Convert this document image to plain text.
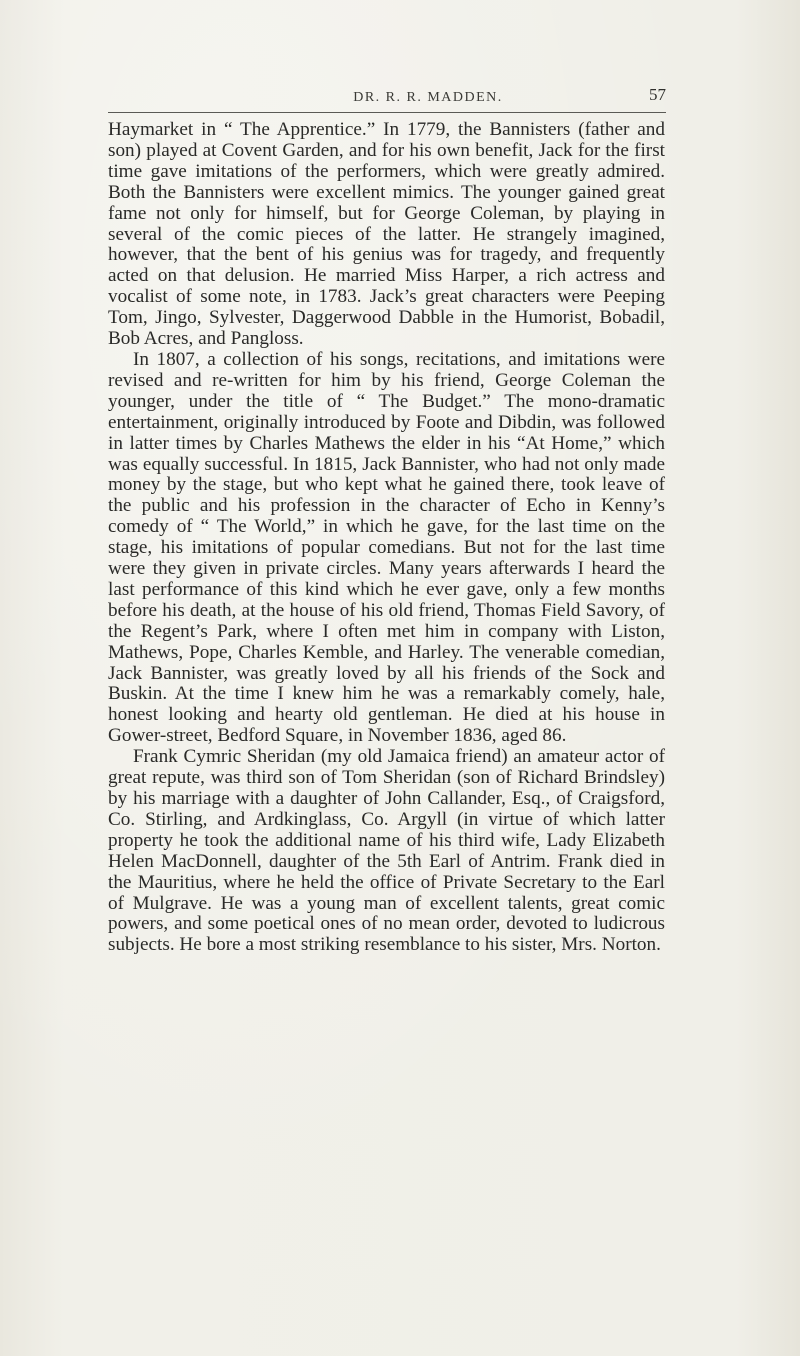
DR. R. R. MADDEN.	57

Haymarket in “ The Apprentice.” In 1779, the Bannisters (father and son) played at Covent Garden, and for his own benefit, Jack for the first time gave imitations of the performers, which were greatly admired. Both the Bannisters were excellent mimics. The younger gained great fame not only for himself, but for George Coleman, by playing in several of the comic pieces of the latter. He strangely imagined, however, that the bent of his genius was for tragedy, and frequently acted on that delusion. He married Miss Harper, a rich actress and vocalist of some note, in 1783. Jack’s great characters were Peeping Tom, Jingo, Sylvester, Daggerwood Dabble in the Humorist, Bobadil, Bob Acres, and Pangloss.

In 1807, a collection of his songs, recitations, and imitations were revised and re-written for him by his friend, George Coleman the younger, under the title of “ The Budget.” The mono-dramatic entertainment, originally introduced by Foote and Dibdin, was followed in latter times by Charles Mathews the elder in his “At Home,” which was equally successful. In 1815, Jack Bannister, who had not only made money by the stage, but who kept what he gained there, took leave of the public and his profession in the character of Echo in Kenny’s comedy of “ The World,” in which he gave, for the last time on the stage, his imitations of popular comedians. But not for the last time were they given in private circles. Many years afterwards I heard the last performance of this kind which he ever gave, only a few months before his death, at the house of his old friend, Thomas Field Savory, of the Regent’s Park, where I often met him in company with Liston, Mathews, Pope, Charles Kemble, and Harley. The venerable comedian, Jack Bannister, was greatly loved by all his friends of the Sock and Buskin. At the time I knew him he was a remarkably comely, hale, honest looking and hearty old gentleman. He died at his house in Gower-street, Bedford Square, in November 1836, aged 86.

Frank Cymric Sheridan (my old Jamaica friend) an amateur actor of great repute, was third son of Tom Sheridan (son of Richard Brindsley) by his marriage with a daughter of John Callander, Esq., of Craigsford, Co. Stirling, and Ardkinglass, Co. Argyll (in virtue of which latter property he took the additional name of his third wife, Lady Elizabeth Helen MacDonnell, daughter of the 5th Earl of Antrim. Frank died in the Mauritius, where he held the office of Private Secretary to the Earl of Mulgrave. He was a young man of excellent talents, great comic powers, and some poetical ones of no mean order, devoted to ludicrous subjects. He bore a most striking resemblance to his sister, Mrs. Norton.
